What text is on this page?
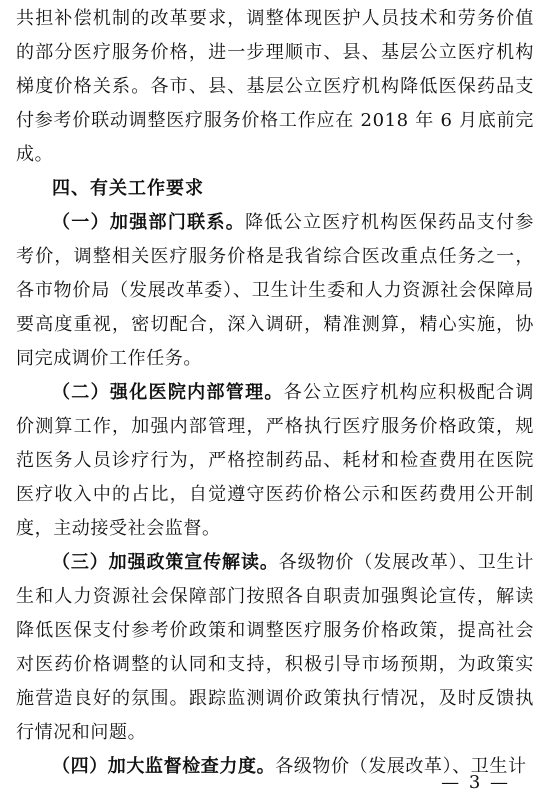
共担补偿机制的改革要求，调整体现医护人员技术和劳务价值的部分医疗服务价格，进一步理顺市、县、基层公立医疗机构梯度价格关系。各市、县、基层公立医疗机构降低医保药品支付参考价联动调整医疗服务价格工作应在 2018 年 6 月底前完成。

四、有关工作要求

（一）加强部门联系。降低公立医疗机构医保药品支付参考价，调整相关医疗服务价格是我省综合医改重点任务之一，各市物价局（发展改革委）、卫生计生委和人力资源社会保障局要高度重视，密切配合，深入调研，精准测算，精心实施，协同完成调价工作任务。

（二）强化医院内部管理。各公立医疗机构应积极配合调价测算工作，加强内部管理，严格执行医疗服务价格政策，规范医务人员诊疗行为，严格控制药品、耗材和检查费用在医院医疗收入中的占比，自觉遵守医药价格公示和医药费用公开制度，主动接受社会监督。

（三）加强政策宣传解读。各级物价（发展改革）、卫生计生和人力资源社会保障部门按照各自职责加强舆论宣传，解读降低医保支付参考价政策和调整医疗服务价格政策，提高社会对医药价格调整的认同和支持，积极引导市场预期，为政策实施营造良好的氛围。跟踪监测调价政策执行情况，及时反馈执行情况和问题。

（四）加大监督检查力度。各级物价（发展改革）、卫生计

— 3 —
